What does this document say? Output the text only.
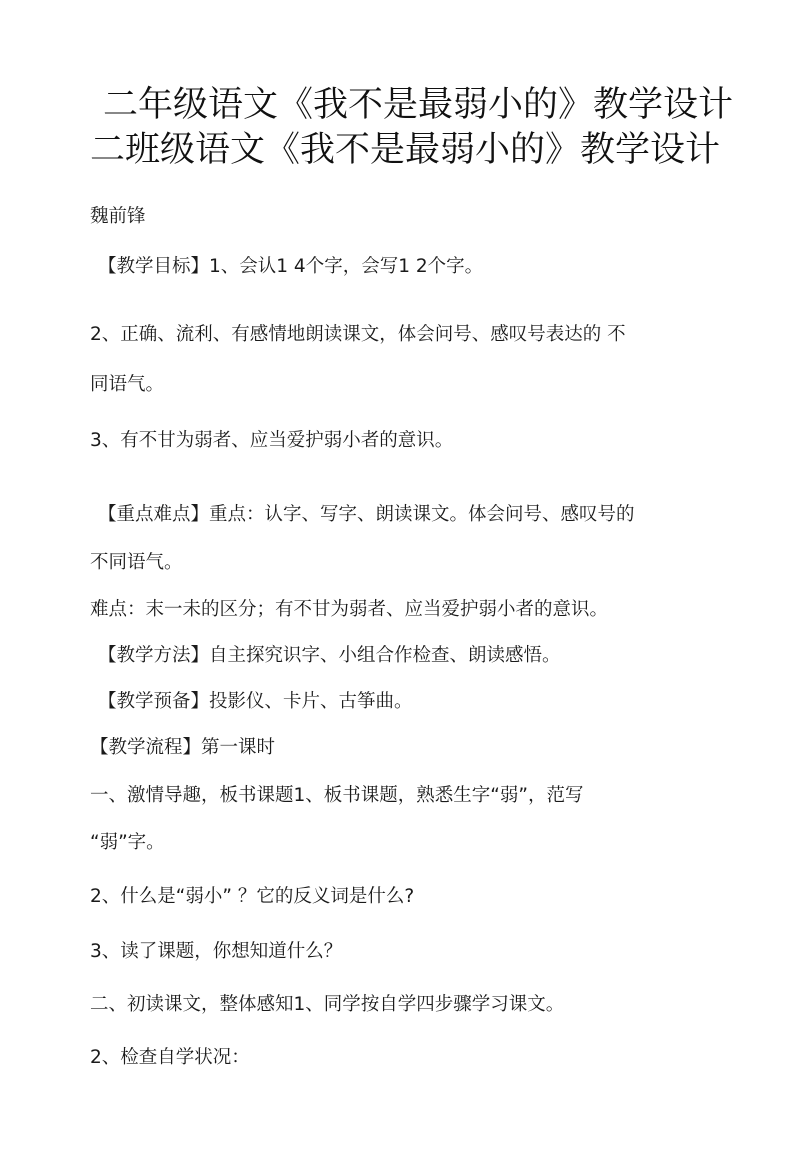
二年级语文《我不是最弱小的》教学设计
二班级语文《我不是最弱小的》教学设计

魏前锋

【教学目标】1、会认1 4个字，会写1 2个字。

2、正确、流利、有感情地朗读课文，体会问号、感叹号表达的 不

同语气。

3、有不甘为弱者、应当爱护弱小者的意识。

【重点难点】重点：认字、写字、朗读课文。体会问号、感叹号的

不同语气。

难点：末一未的区分；有不甘为弱者、应当爱护弱小者的意识。

【教学方法】自主探究识字、小组合作检查、朗读感悟。

【教学预备】投影仪、卡片、古筝曲。

【教学流程】第一课时

一、激情导趣，板书课题1、板书课题，熟悉生字“弱”，范写

“弱”字。

2、什么是“弱小” ？它的反义词是什么?

3、读了课题，你想知道什么？

二、初读课文，整体感知1、同学按自学四步骤学习课文。

2、检查自学状况：
